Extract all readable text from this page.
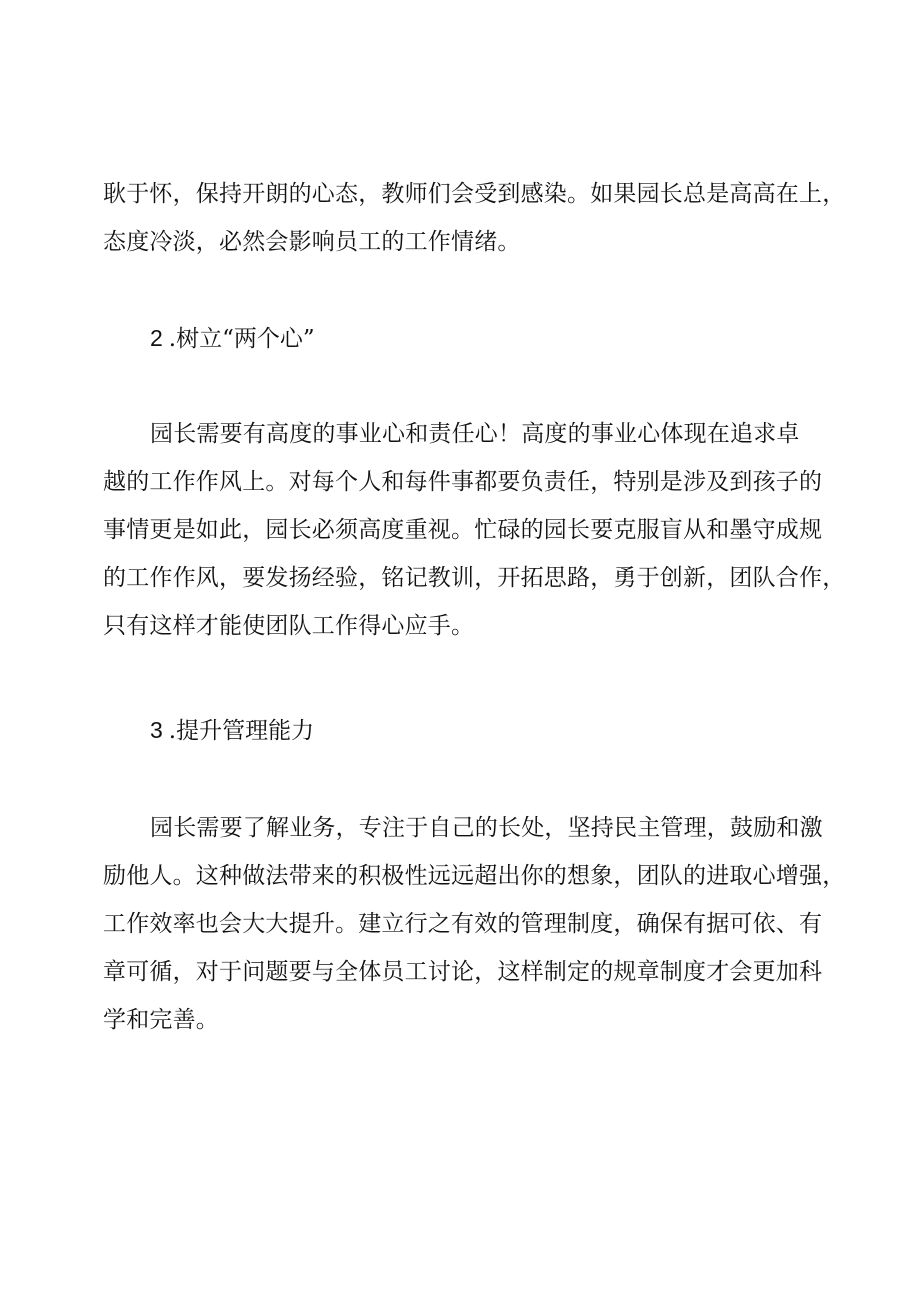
耿于怀，保持开朗的心态，教师们会受到感染。如果园长总是高高在上，
态度冷淡，必然会影响员工的工作情绪。
2 .树立“两个心”
园长需要有高度的事业心和责任心！高度的事业心体现在追求卓
越的工作作风上。对每个人和每件事都要负责任，特别是涉及到孩子的
事情更是如此，园长必须高度重视。忙碌的园长要克服盲从和墨守成规
的工作作风，要发扬经验，铭记教训，开拓思路，勇于创新，团队合作，
只有这样才能使团队工作得心应手。
3 .提升管理能力
园长需要了解业务，专注于自己的长处，坚持民主管理，鼓励和激
励他人。这种做法带来的积极性远远超出你的想象，团队的进取心增强，
工作效率也会大大提升。建立行之有效的管理制度，确保有据可依、有
章可循，对于问题要与全体员工讨论，这样制定的规章制度才会更加科
学和完善。
